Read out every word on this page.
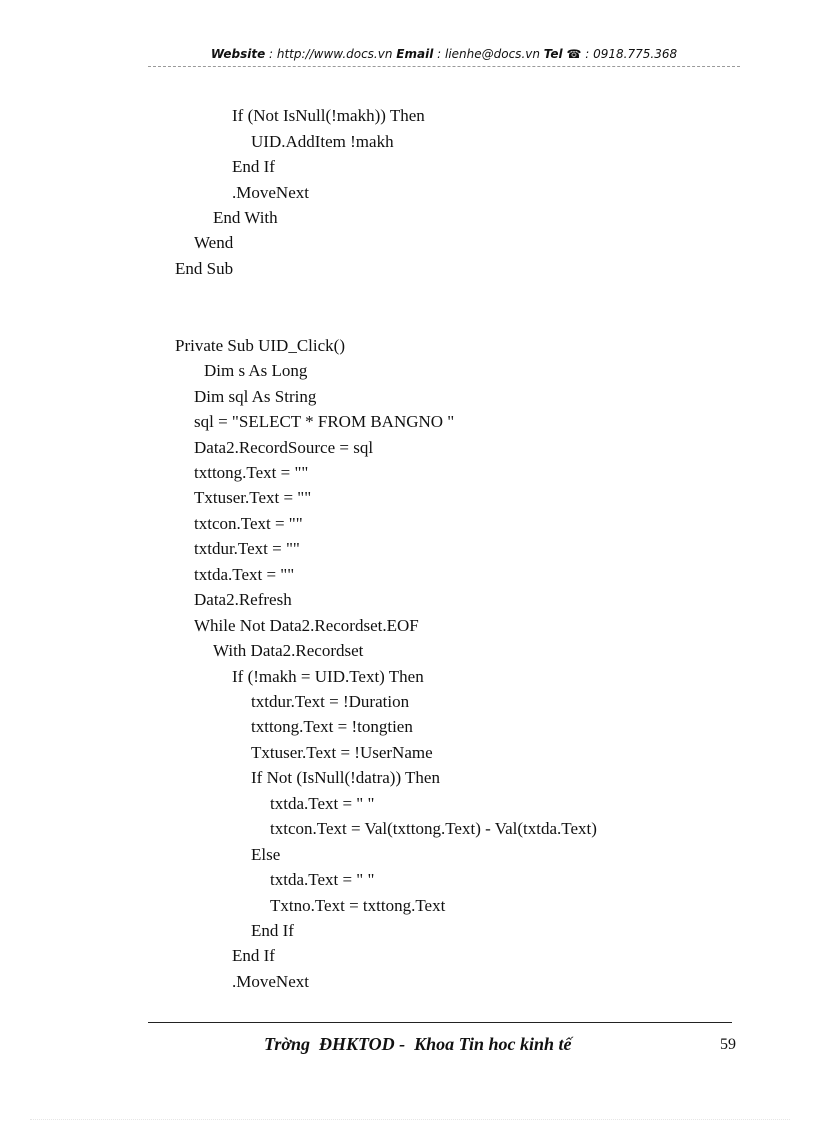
Website : http://www.docs.vn Email : lienhe@docs.vn Tel ☎ : 0918.775.368
If (Not IsNull(!makh)) Then
UID.AddItem !makh
End If
.MoveNext
End With
Wend
End Sub
Private Sub UID_Click()
Dim s As Long
Dim sql As String
sql = "SELECT * FROM BANGNO "
Data2.RecordSource = sql
txttong.Text = ""
Txtuser.Text = ""
txtcon.Text = ""
txtdur.Text = ""
txtda.Text = ""
Data2.Refresh
While Not Data2.Recordset.EOF
With Data2.Recordset
If (!makh = UID.Text) Then
txtdur.Text = !Duration
txttong.Text = !tongtien
Txtuser.Text = !UserName
If Not (IsNull(!datra)) Then
txtda.Text = " "
txtcon.Text = Val(txttong.Text) - Val(txtda.Text)
Else
txtda.Text = " "
Txtno.Text = txttong.Text
End If
End If
.MoveNext
Trờng  ĐHKTOD -  Khoa Tin hoc kinh tế	59
